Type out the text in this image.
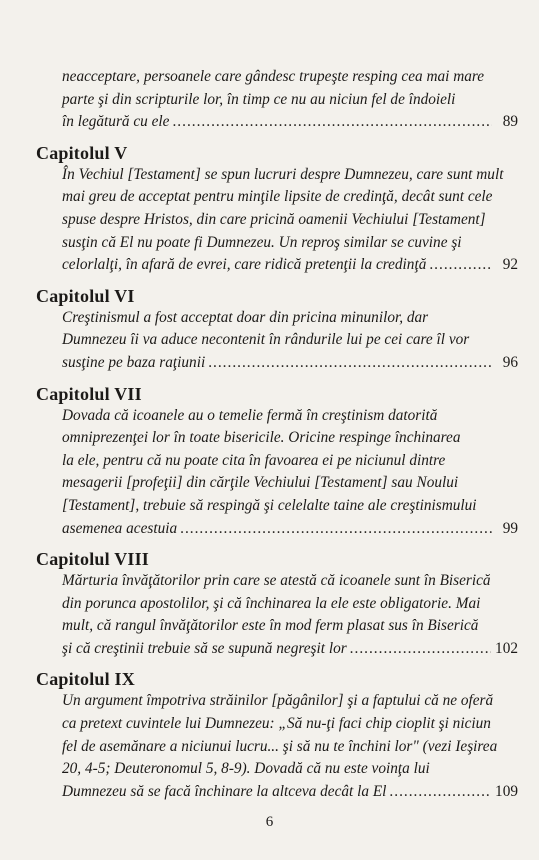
neacceptare, persoanele care gândesc trupeşte resping cea mai mare

parte şi din scripturile lor, în timp ce nu au niciun fel de îndoieli

în legătură cu ele .....	89
Capitolul V

În Vechiul [Testament] se spun lucruri despre Dumnezeu, care sunt mult

mai greu de acceptat pentru minţile lipsite de credinţă, decât sunt cele

spuse despre Hristos, din care pricină oamenii Vechiului [Testament]

susţin că El nu poate fi Dumnezeu. Un reproş similar se cuvine şi

celorlalţi, în afară de evrei, care ridică pretenţii la credinţă .....	92
Capitolul VI

Creştinismul a fost acceptat doar din pricina minunilor, dar

Dumnezeu îi va aduce necontenit în rândurile lui pe cei care îl vor

susţine pe baza raţiunii .....	96
Capitolul VII

Dovada că icoanele au o temelie fermă în creştinism datorită

omniprezenţei lor în toate bisericile. Oricine respinge închinarea

la ele, pentru că nu poate cita în favoarea ei pe niciunul dintre

mesagerii [profeţii] din cărţile Vechiului [Testament] sau Noului

[Testament], trebuie să respingă şi celelalte taine ale creştinismului

asemenea acestuia .....	99
Capitolul VIII

Mărturia învăţătorilor prin care se atestă că icoanele sunt în Biserică

din porunca apostolilor, şi că închinarea la ele este obligatorie. Mai

mult, că rangul învăţătorilor este în mod ferm plasat sus în Biserică

şi că creştinii trebuie să se supună negreşit lor .....	102
Capitolul IX

Un argument împotriva străinilor [păgânilor] şi a faptului că ne oferă

ca pretext cuvintele lui Dumnezeu: „Să nu-ţi faci chip cioplit şi niciun

fel de asemănare a niciunui lucru... şi să nu te închini lor" (vezi Ieşirea

20, 4-5; Deuteronomul 5, 8-9). Dovadă că nu este voinţa lui

Dumnezeu să se facă închinare la altceva decât la El .....	109
6
